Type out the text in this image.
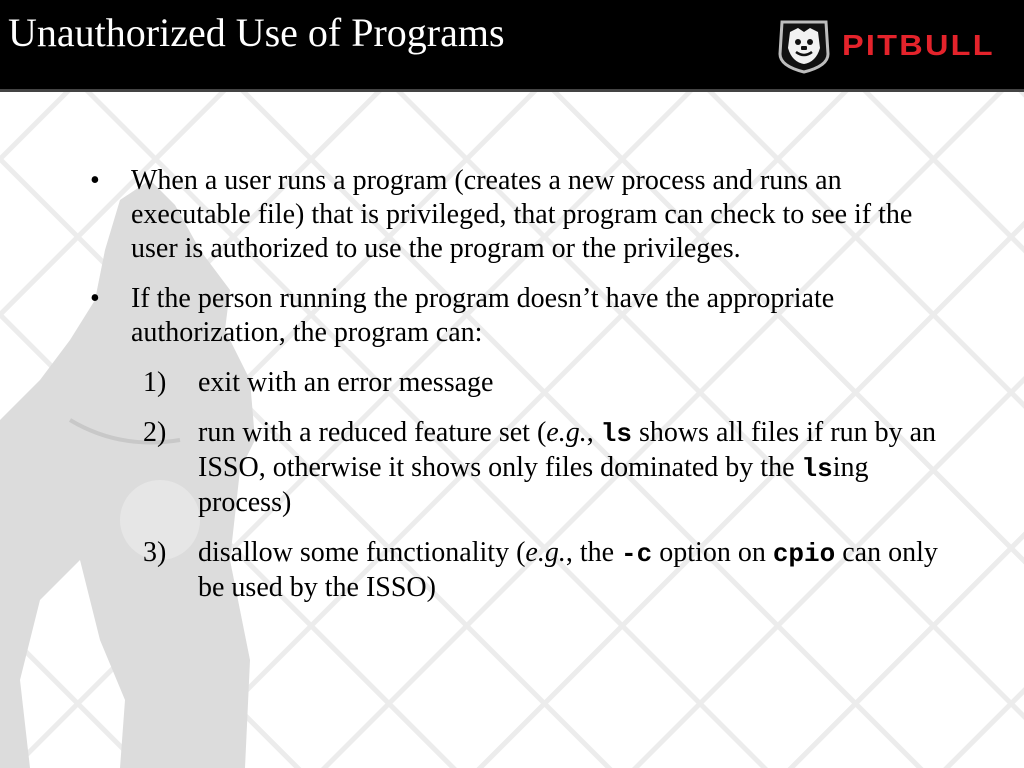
Unauthorized Use of Programs	PITBULL
• When a user runs a program (creates a new process and runs an executable file) that is privileged, that program can check to see if the user is authorized to use the program or the privileges.
• If the person running the program doesn’t have the appropriate authorization, the program can:
1) exit with an error message
2) run with a reduced feature set (e.g., ls shows all files if run by an ISSO, otherwise it shows only files dominated by the lsing process)
3) disallow some functionality (e.g., the -c option on cpio can only be used by the ISSO)
